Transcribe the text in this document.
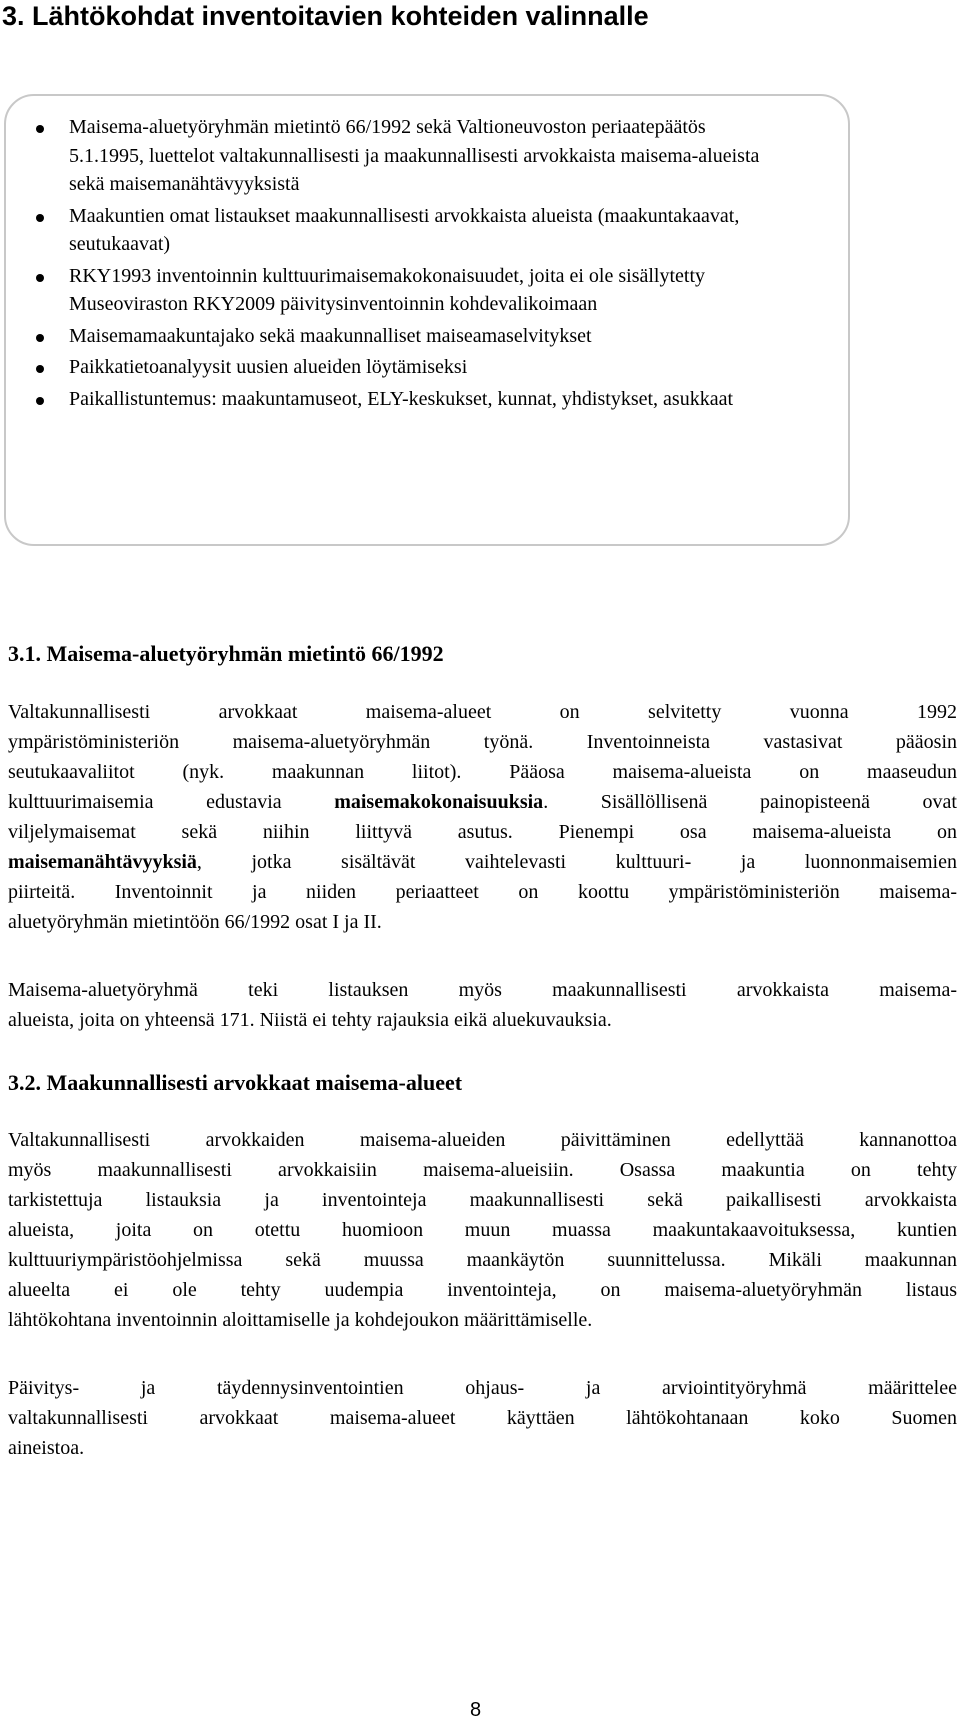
3. Lähtökohdat inventoitavien kohteiden valinnalle
Maisema-aluetyöryhmän mietintö 66/1992 sekä Valtioneuvoston periaatepäätös 5.1.1995, luettelot valtakunnallisesti ja maakunnallisesti arvokkaista maisema-alueista sekä maisemanähtävyyksistä
Maakuntien omat listaukset maakunnallisesti arvokkaista alueista (maakuntakaavat, seutukaavat)
RKY1993 inventoinnin kulttuurimaisemakokonaisuudet, joita ei ole sisällytetty Museoviraston RKY2009 päivitysinventoinnin kohdevalikoimaan
Maisemamaakuntajako sekä maakunnalliset maiseamaselvitykset
Paikkatietoanalyysit uusien alueiden löytämiseksi
Paikallistuntemus: maakuntamuseot, ELY-keskukset, kunnat, yhdistykset, asukkaat
3.1. Maisema-aluetyöryhmän mietintö 66/1992
Valtakunnallisesti arvokkaat maisema-alueet on selvitetty vuonna 1992
ympäristöministeriön maisema-aluetyöryhmän työnä. Inventoinneista vastasivat pääosin
seutukaavaliitot (nyk. maakunnan liitot). Pääosa maisema-alueista on maaseudun
kulttuurimaisemia edustavia maisemakokonaisuuksia. Sisällöllisenä painopisteenä ovat
viljelymaisemat sekä niihin liittyvä asutus. Pienempi osa maisema-alueista on
maisemanähtävyyksiä, jotka sisältävät vaihtelevasti kulttuuri- ja luonnonmaisemien
piirteitä. Inventoinnit ja niiden periaatteet on koottu ympäristöministeriön maisema-
aluetyöryhmän mietintöön 66/1992 osat I ja II.
Maisema-aluetyöryhmä teki listauksen myös maakunnallisesti arvokkaista maisema-
alueista, joita on yhteensä 171. Niistä ei tehty rajauksia eikä aluekuvauksia.
3.2. Maakunnallisesti arvokkaat maisema-alueet
Valtakunnallisesti arvokkaiden maisema-alueiden päivittäminen edellyttää kannanottoa
myös maakunnallisesti arvokkaisiin maisema-alueisiin. Osassa maakuntia on tehty
tarkistettuja listauksia ja inventointeja maakunnallisesti sekä paikallisesti arvokkaista
alueista, joita on otettu huomioon muun muassa maakuntakaavoituksessa, kuntien
kulttuuriympäristöohjelmissa sekä muussa maankäytön suunnittelussa. Mikäli maakunnan
alueelta ei ole tehty uudempia inventointeja, on maisema-aluetyöryhmän listaus
lähtökohtana inventoinnin aloittamiselle ja kohdejoukon määrittämiselle.
Päivitys- ja täydennysinventointien ohjaus- ja arviointityöryhmä määrittelee
valtakunnallisesti arvokkaat maisema-alueet käyttäen lähtökohtanaan koko Suomen
aineistoa.
8
